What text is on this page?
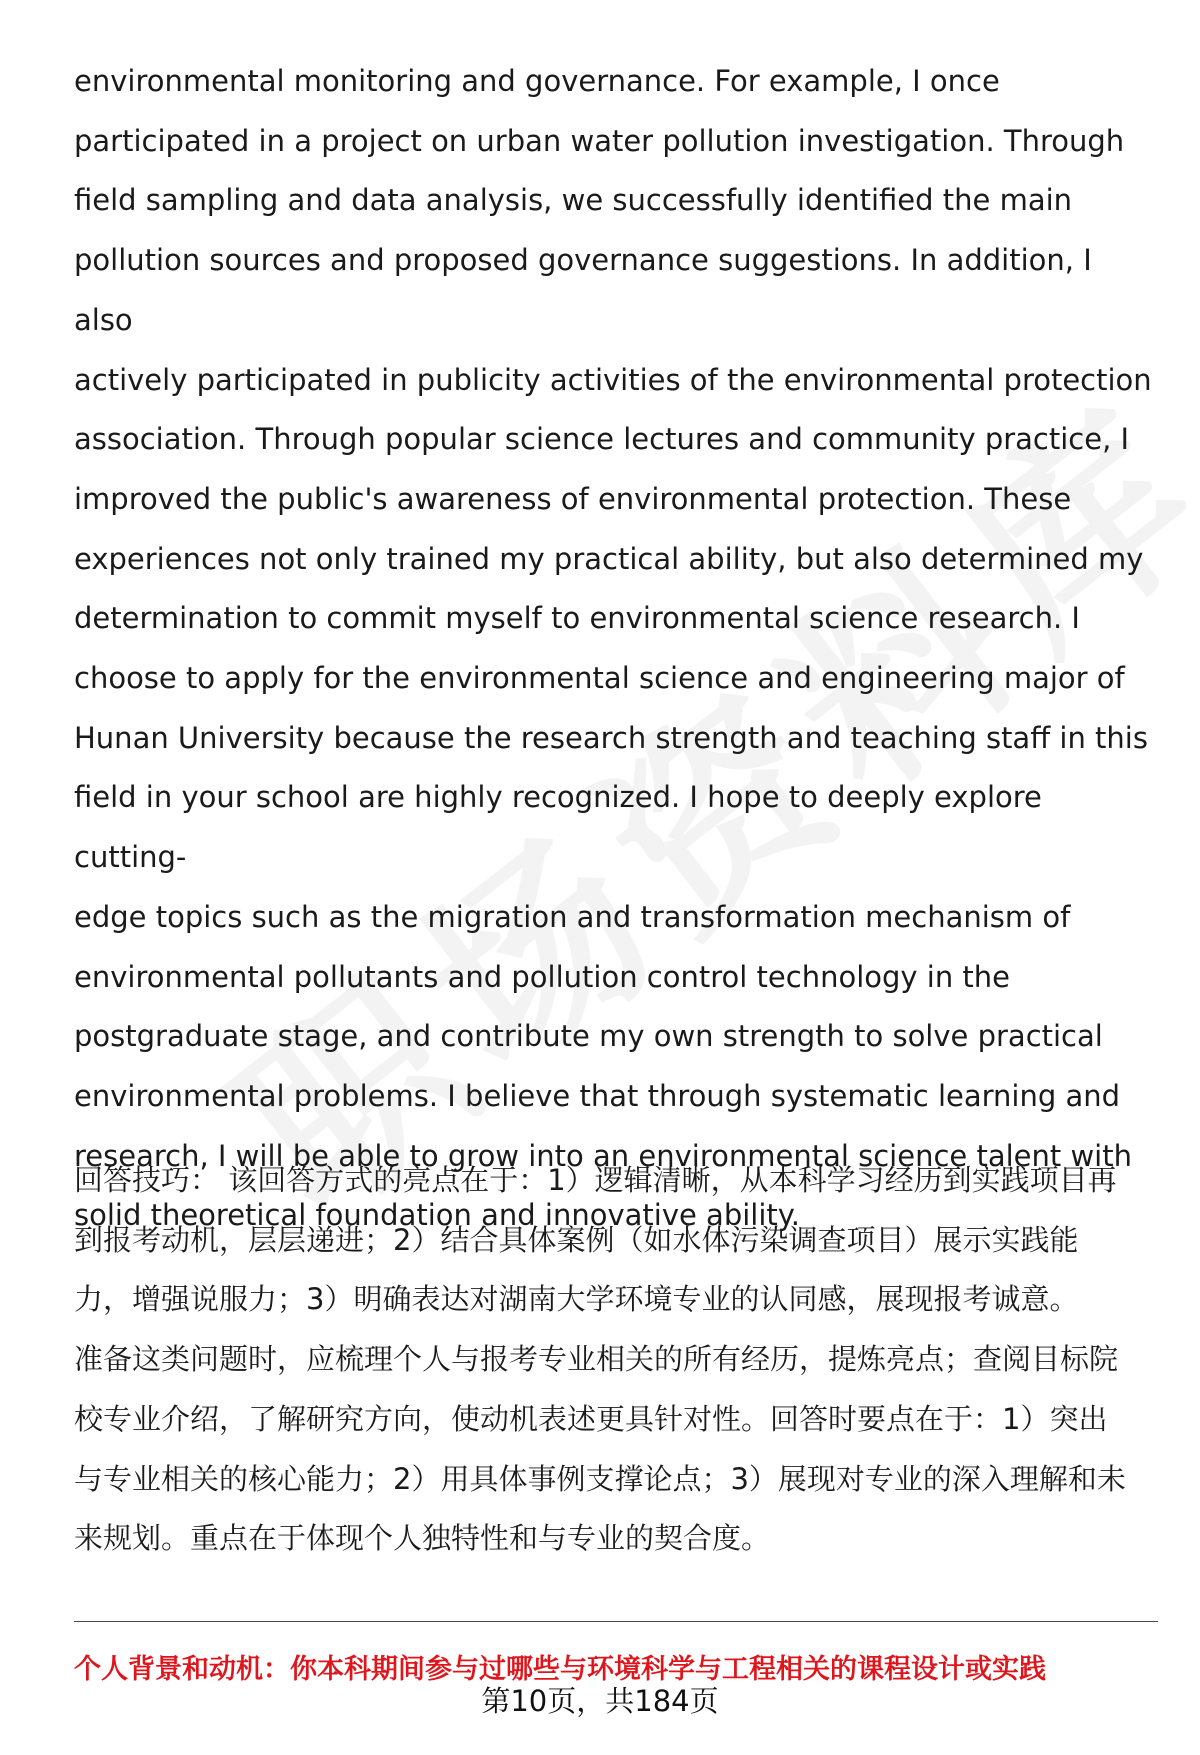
environmental monitoring and governance. For example, I once
participated in a project on urban water pollution investigation. Through
field sampling and data analysis, we successfully identified the main
pollution sources and proposed governance suggestions. In addition, I also
actively participated in publicity activities of the environmental protection
association. Through popular science lectures and community practice, I
improved the public's awareness of environmental protection. These
experiences not only trained my practical ability, but also determined my
determination to commit myself to environmental science research. I
choose to apply for the environmental science and engineering major of
Hunan University because the research strength and teaching staff in this
field in your school are highly recognized. I hope to deeply explore cutting-
edge topics such as the migration and transformation mechanism of
environmental pollutants and pollution control technology in the
postgraduate stage, and contribute my own strength to solve practical
environmental problems. I believe that through systematic learning and
research, I will be able to grow into an environmental science talent with
solid theoretical foundation and innovative ability.

回答技巧： 该回答方式的亮点在于：1）逻辑清晰，从本科学习经历到实践项目再
到报考动机，层层递进；2）结合具体案例（如水体污染调查项目）展示实践能
力，增强说服力；3）明确表达对湖南大学环境专业的认同感，展现报考诚意。
准备这类问题时，应梳理个人与报考专业相关的所有经历，提炼亮点；查阅目标院
校专业介绍，了解研究方向，使动机表述更具针对性。回答时要点在于：1）突出
与专业相关的核心能力；2）用具体事例支撑论点；3）展现对专业的深入理解和未
来规划。重点在于体现个人独特性和与专业的契合度。

个人背景和动机：你本科期间参与过哪些与环境科学与工程相关的课程设计或实践

第10页，共184页
